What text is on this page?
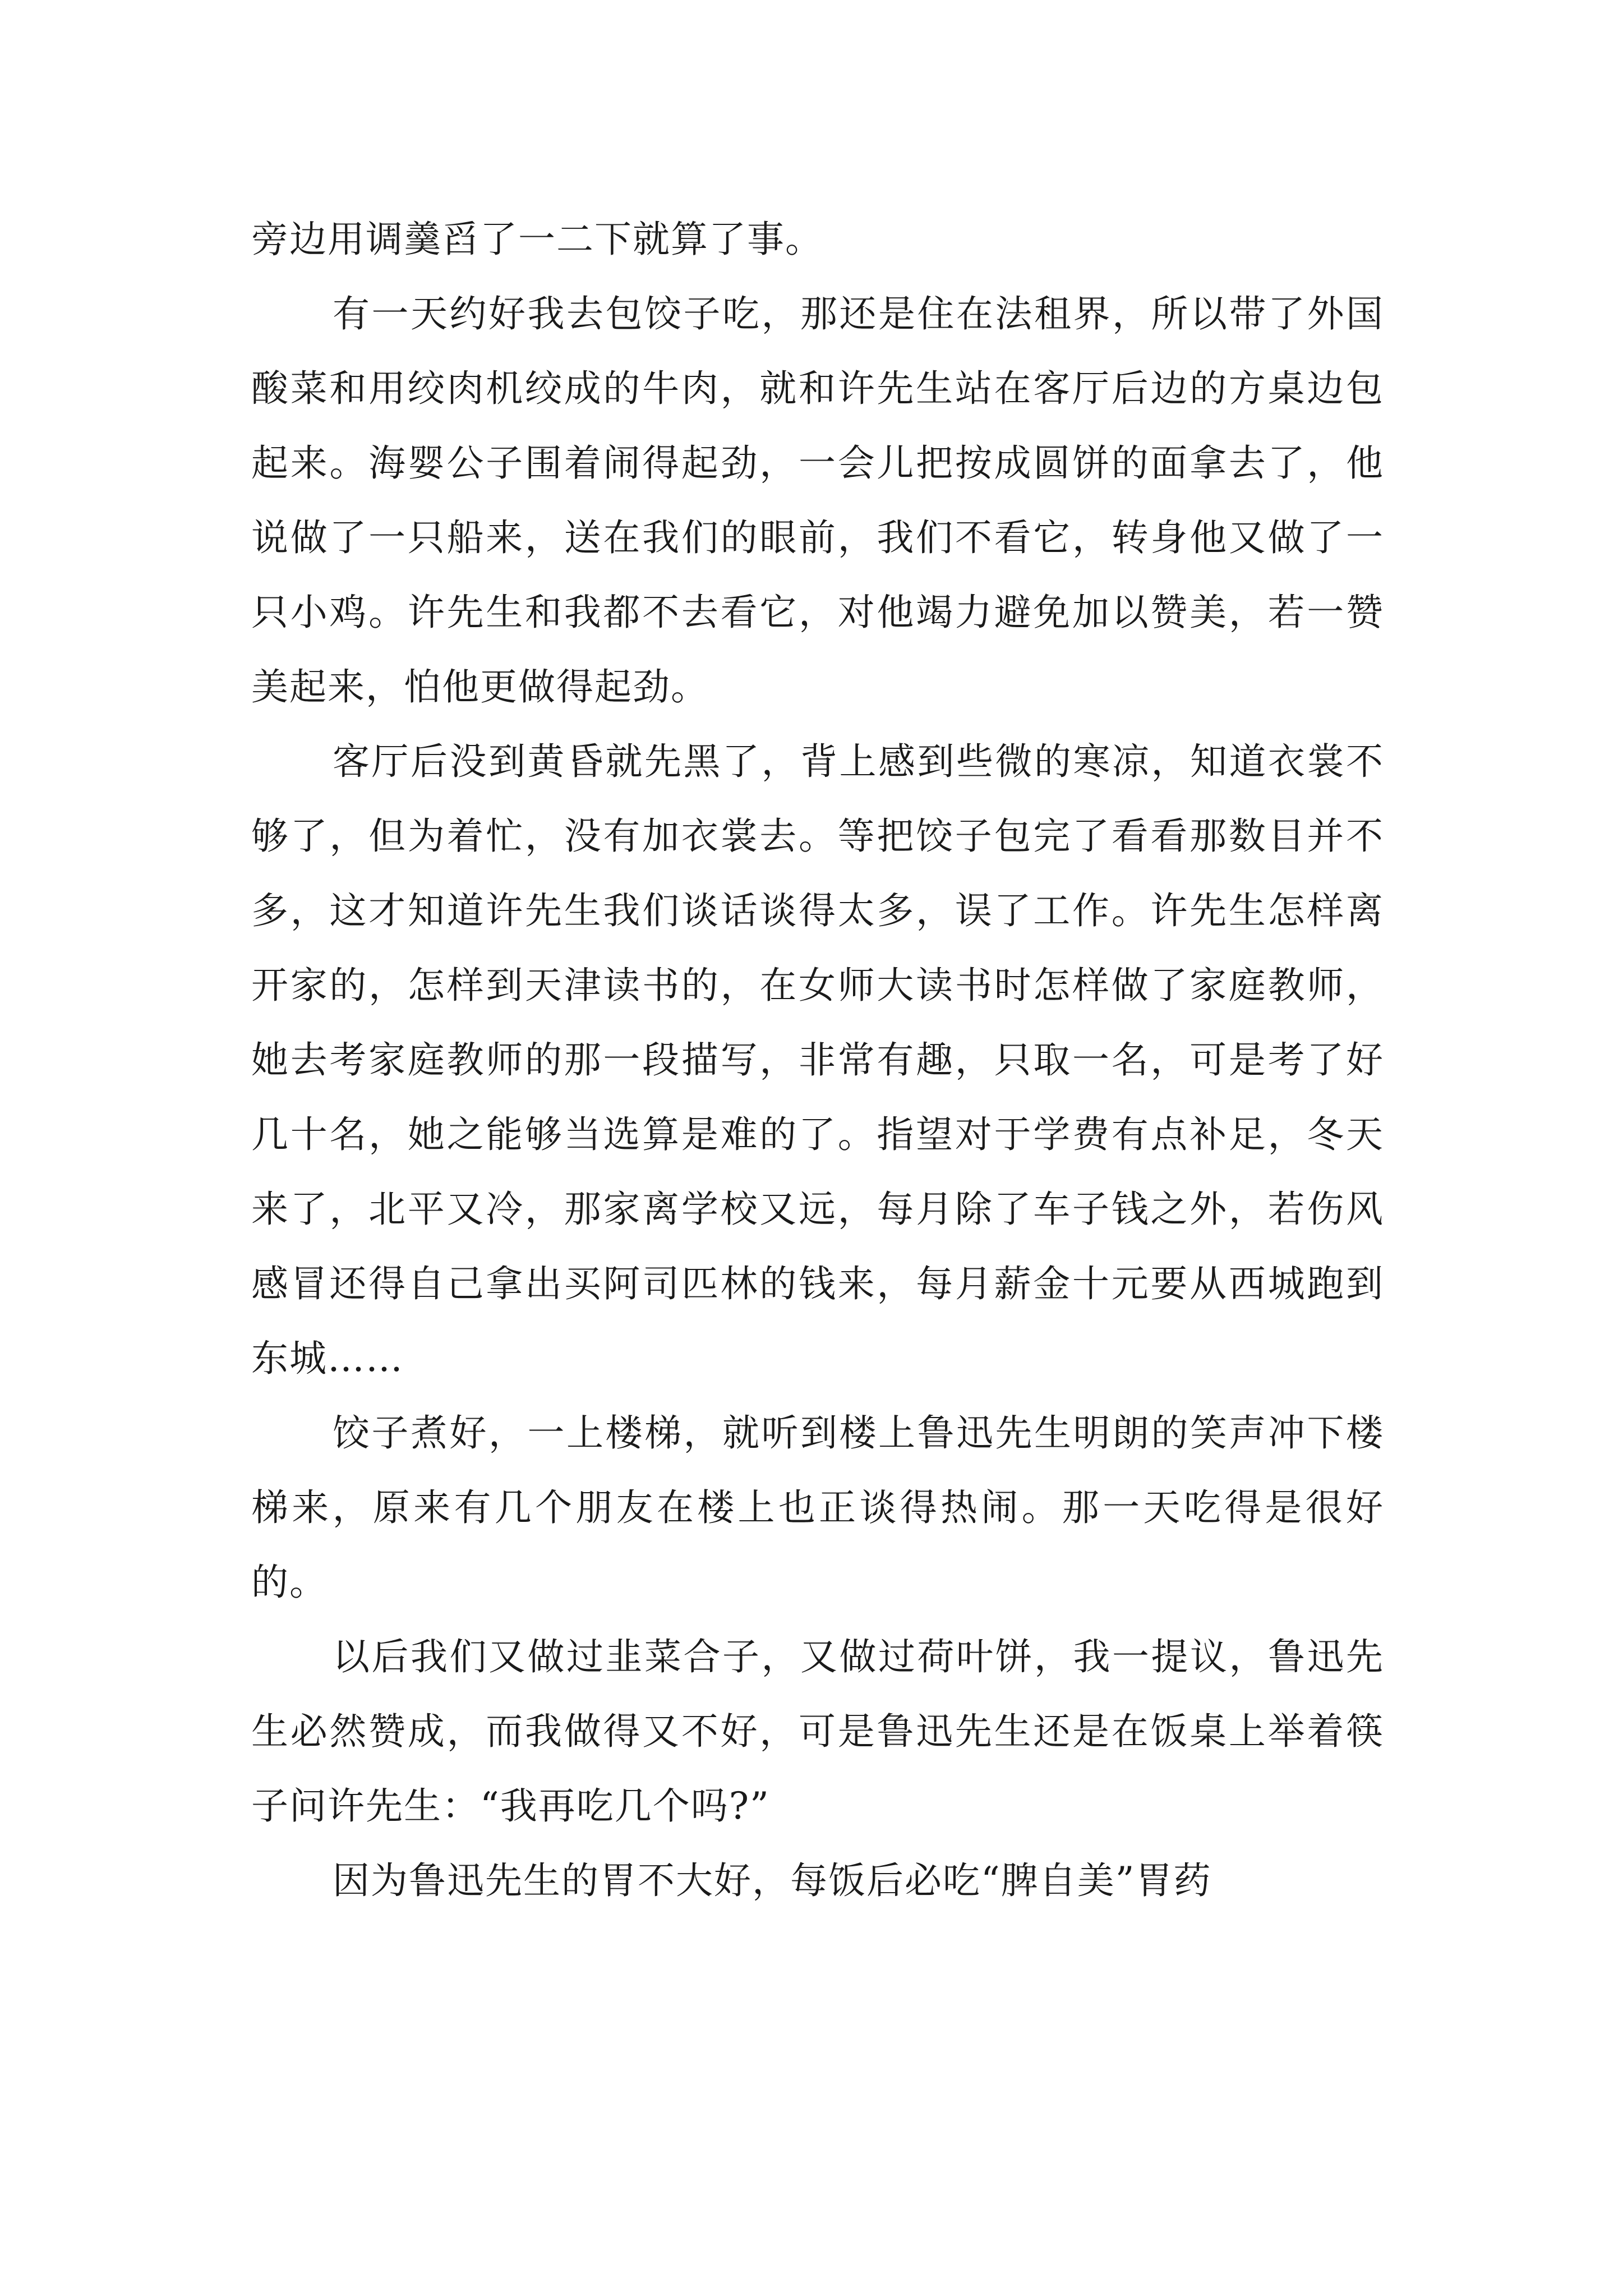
旁边用调羹舀了一二下就算了事。

有一天约好我去包饺子吃，那还是住在法租界，所以带了外国酸菜和用绞肉机绞成的牛肉，就和许先生站在客厅后边的方桌边包起来。海婴公子围着闹得起劲，一会儿把按成圆饼的面拿去了，他说做了一只船来，送在我们的眼前，我们不看它，转身他又做了一只小鸡。许先生和我都不去看它，对他竭力避免加以赞美，若一赞美起来，怕他更做得起劲。

客厅后没到黄昏就先黑了，背上感到些微的寒凉，知道衣裳不够了，但为着忙，没有加衣裳去。等把饺子包完了看看那数目并不多，这才知道许先生我们谈话谈得太多，误了工作。许先生怎样离开家的，怎样到天津读书的，在女师大读书时怎样做了家庭教师，她去考家庭教师的那一段描写，非常有趣，只取一名，可是考了好几十名，她之能够当选算是难的了。指望对于学费有点补足，冬天来了，北平又冷，那家离学校又远，每月除了车子钱之外，若伤风感冒还得自己拿出买阿司匹林的钱来，每月薪金十元要从西城跑到东城……

饺子煮好，一上楼梯，就听到楼上鲁迅先生明朗的笑声冲下楼梯来，原来有几个朋友在楼上也正谈得热闹。那一天吃得是很好的。

以后我们又做过韭菜合子，又做过荷叶饼，我一提议，鲁迅先生必然赞成，而我做得又不好，可是鲁迅先生还是在饭桌上举着筷子问许先生：“我再吃几个吗?”

因为鲁迅先生的胃不大好，每饭后必吃“脾自美”胃药
